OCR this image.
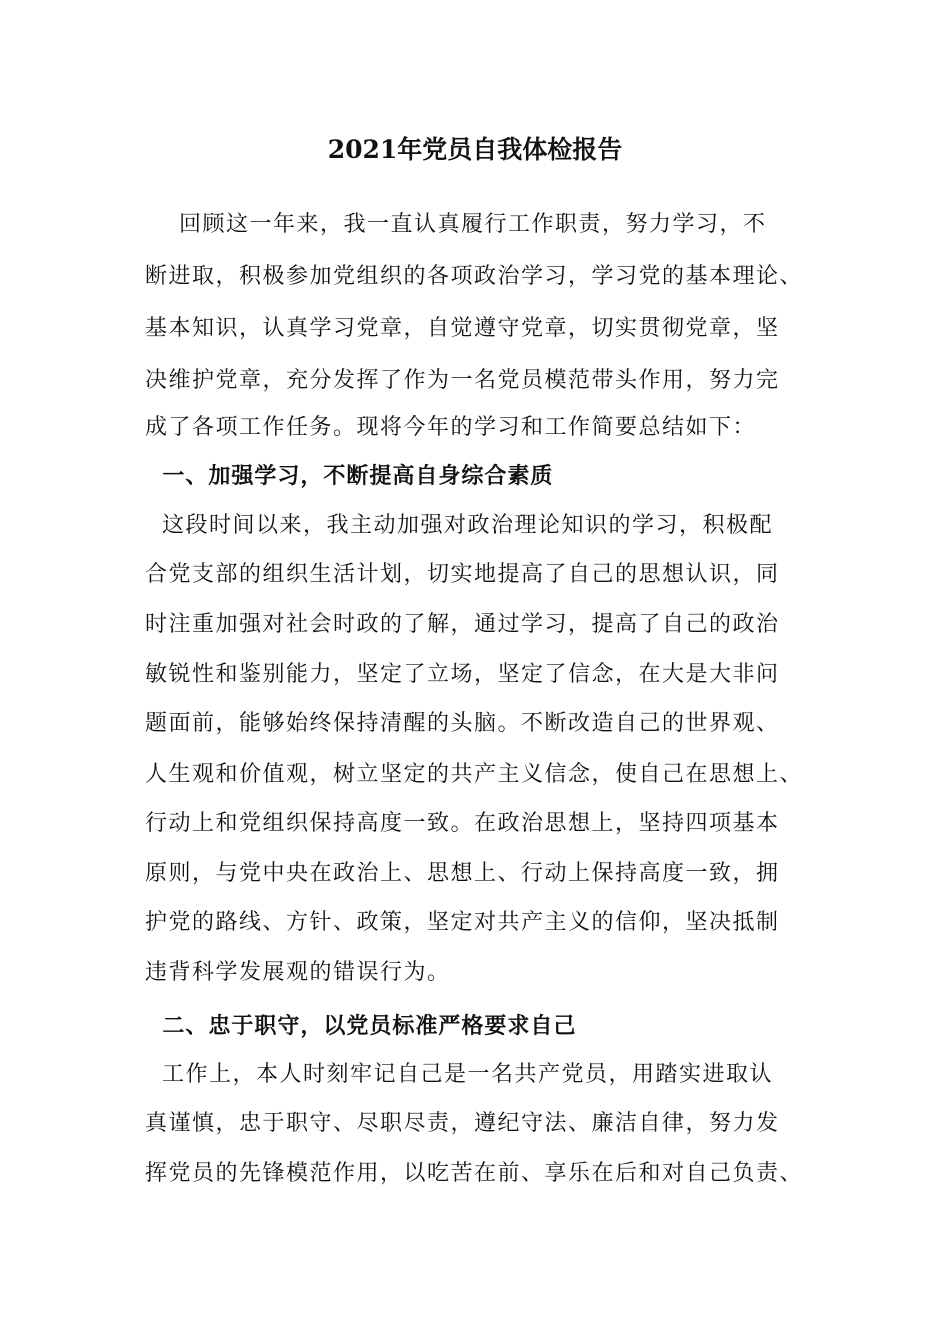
2021年党员自我体检报告
回顾这一年来，我一直认真履行工作职责，努力学习，不
断进取，积极参加党组织的各项政治学习，学习党的基本理论、
基本知识，认真学习党章，自觉遵守党章，切实贯彻党章，坚
决维护党章，充分发挥了作为一名党员模范带头作用，努力完
成了各项工作任务。现将今年的学习和工作简要总结如下：
一、加强学习，不断提高自身综合素质
这段时间以来，我主动加强对政治理论知识的学习，积极配
合党支部的组织生活计划，切实地提高了自己的思想认识，同
时注重加强对社会时政的了解，通过学习，提高了自己的政治
敏锐性和鉴别能力，坚定了立场，坚定了信念，在大是大非问
题面前，能够始终保持清醒的头脑。不断改造自己的世界观、
人生观和价值观，树立坚定的共产主义信念，使自己在思想上、
行动上和党组织保持高度一致。在政治思想上，坚持四项基本
原则，与党中央在政治上、思想上、行动上保持高度一致，拥
护党的路线、方针、政策，坚定对共产主义的信仰，坚决抵制
违背科学发展观的错误行为。
二、忠于职守，以党员标准严格要求自己
工作上，本人时刻牢记自己是一名共产党员，用踏实进取认
真谨慎，忠于职守、尽职尽责，遵纪守法、廉洁自律，努力发
挥党员的先锋模范作用，以吃苦在前、享乐在后和对自己负责、
